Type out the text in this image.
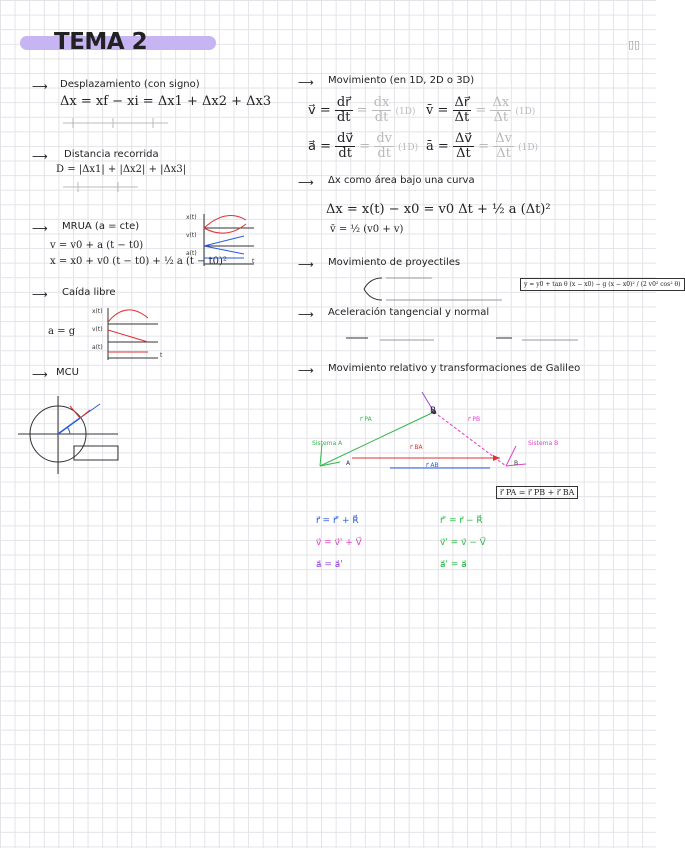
TEMA 2	▯▯
⟶ Desplazamiento (con signo)
Δx = xf − xi = Δx1 + Δx2 + Δx3
⟶ Distancia recorrida
D = |Δx1| + |Δx2| + |Δx3|
⟶ MRUA (a = cte)
v = v0 + a (t − t0)
x = x0 + v0 (t − t0) + ½ a (t − t0)²
x(t)
v(t)
a(t)
t
⟶ Caída libre
a = g
x(t)
v(t)
a(t)
t
⟶ MCU
⟶ Movimiento (en 1D, 2D o 3D)
v⃗ = $\frac{dr⃗}{dt} = \frac{dx}{dt} (1D)$ v̄ = $\frac{\Delta r⃗}{\Delta t} = \frac{\Delta x}{\Delta t} (1D)$
a⃗ = $\frac{dv⃗}{dt} = \frac{dv}{dt} (1D)$ ā = $\frac{\Delta v⃗}{\Delta t} = \frac{\Delta v}{\Delta t} (1D)$
⟶ Δx como área bajo una curva
Δx = x(t) − x0 = v0 Δt + ½ a (Δt)²
v̄ = ½ (v0 + v)
⟶ Movimiento de proyectiles
y = y0 + tan θ (x − x0) − g (x − x0)² / (2 v0² cos² θ)
⟶ Aceleración tangencial y normal
⟶ Movimiento relativo y transformaciones de Galileo
P
Sistema A	Sistema B
r⃗ PA	r⃗ PB
r⃗ BA
r⃗ AB
A	B
r⃗ PA = r⃗ PB + r⃗ BA
r⃗ = r⃗' + R⃗
v⃗ = v⃗' + V⃗
a⃗ = a⃗'
r⃗' = r⃗ − R⃗
v⃗' = v⃗ − V⃗
a⃗' = a⃗
